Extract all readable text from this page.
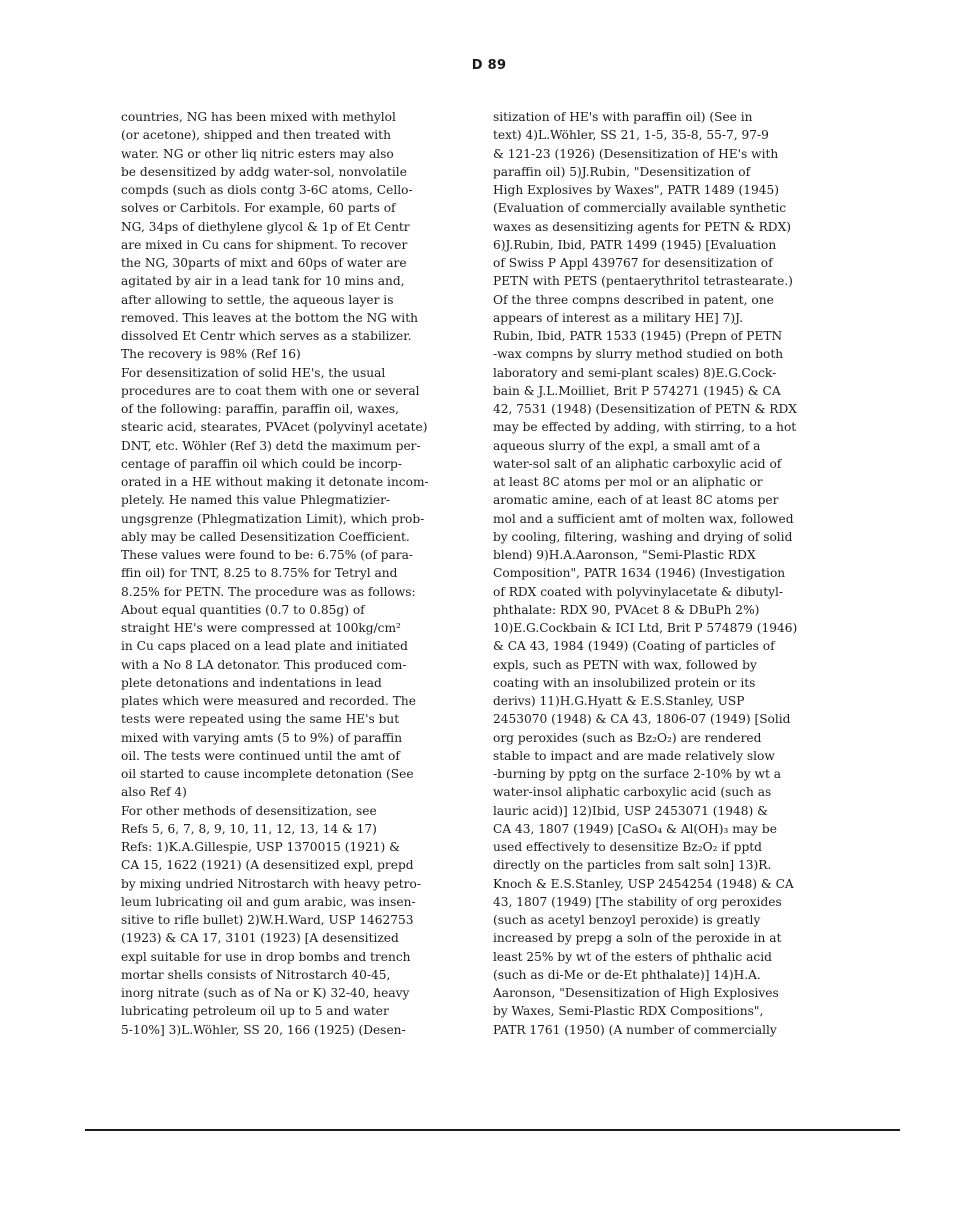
D 89
countries, NG has been mixed with methylol
(or acetone), shipped and then treated with
water. NG or other liq nitric esters may also
be desensitized by addg water-sol, nonvolatile
compds (such as diols contg 3-6C atoms, Cello-
solves or Carbitols. For example, 60 parts of
NG, 34ps of diethylene glycol & 1p of Et Centr
are mixed in Cu cans for shipment. To recover
the NG, 30parts of mixt and 60ps of water are
agitated by air in a lead tank for 10 mins and,
after allowing to settle, the aqueous layer is
removed. This leaves at the bottom the NG with
dissolved Et Centr which serves as a stabilizer.
The recovery is 98% (Ref 16)
For desensitization of solid HE's, the usual
procedures are to coat them with one or several
of the following: paraffin, paraffin oil, waxes,
stearic acid, stearates, PVAcet (polyvinyl acetate)
DNT, etc. Wöhler (Ref 3) detd the maximum per-
centage of paraffin oil which could be incorp-
orated in a HE without making it detonate incom-
pletely. He named this value Phlegmatizier-
ungsgrenze (Phlegmatization Limit), which prob-
ably may be called Desensitization Coefficient.
These values were found to be: 6.75% (of para-
ffin oil) for TNT, 8.25 to 8.75% for Tetryl and
8.25% for PETN. The procedure was as follows:
About equal quantities (0.7 to 0.85g) of
straight HE's were compressed at 100kg/cm²
in Cu caps placed on a lead plate and initiated
with a No 8 LA detonator. This produced com-
plete detonations and indentations in lead
plates which were measured and recorded. The
tests were repeated using the same HE's but
mixed with varying amts (5 to 9%) of paraffin
oil. The tests were continued until the amt of
oil started to cause incomplete detonation (See
also Ref 4)
For other methods of desensitization, see
Refs 5, 6, 7, 8, 9, 10, 11, 12, 13, 14 & 17)
Refs: 1)K.A.Gillespie, USP 1370015 (1921) &
CA 15, 1622 (1921) (A desensitized expl, prepd
by mixing undried Nitrostarch with heavy petro-
leum lubricating oil and gum arabic, was insen-
sitive to rifle bullet) 2)W.H.Ward, USP 1462753
(1923) & CA 17, 3101 (1923) [A desensitized
expl suitable for use in drop bombs and trench
mortar shells consists of Nitrostarch 40-45,
inorg nitrate (such as of Na or K) 32-40, heavy
lubricating petroleum oil up to 5 and water
5-10%] 3)L.Wöhler, SS 20, 166 (1925) (Desen-
sitization of HE's with paraffin oil) (See in
text) 4)L.Wöhler, SS 21, 1-5, 35-8, 55-7, 97-9
& 121-23 (1926) (Desensitization of HE's with
paraffin oil) 5)J.Rubin, "Desensitization of
High Explosives by Waxes", PATR 1489 (1945)
(Evaluation of commercially available synthetic
waxes as desensitizing agents for PETN & RDX)
6)J.Rubin, Ibid, PATR 1499 (1945) [Evaluation
of Swiss P Appl 439767 for desensitization of
PETN with PETS (pentaerythritol tetrastearate.)
Of the three compns described in patent, one
appears of interest as a military HE] 7)J.
Rubin, Ibid, PATR 1533 (1945) (Prepn of PETN
-wax compns by slurry method studied on both
laboratory and semi-plant scales) 8)E.G.Cock-
bain & J.L.Moilliet, Brit P 574271 (1945) & CA
42, 7531 (1948) (Desensitization of PETN & RDX
may be effected by adding, with stirring, to a hot
aqueous slurry of the expl, a small amt of a
water-sol salt of an aliphatic carboxylic acid of
at least 8C atoms per mol or an aliphatic or
aromatic amine, each of at least 8C atoms per
mol and a sufficient amt of molten wax, followed
by cooling, filtering, washing and drying of solid
blend) 9)H.A.Aaronson, "Semi-Plastic RDX
Composition", PATR 1634 (1946) (Investigation
of RDX coated with polyvinylacetate & dibutyl-
phthalate: RDX 90, PVAcet 8 & DBuPh 2%)
10)E.G.Cockbain & ICI Ltd, Brit P 574879 (1946)
& CA 43, 1984 (1949) (Coating of particles of
expls, such as PETN with wax, followed by
coating with an insolubilized protein or its
derivs) 11)H.G.Hyatt & E.S.Stanley, USP
2453070 (1948) & CA 43, 1806-07 (1949) [Solid
org peroxides (such as Bz₂O₂) are rendered
stable to impact and are made relatively slow
-burning by pptg on the surface 2-10% by wt a
water-insol aliphatic carboxylic acid (such as
lauric acid)] 12)Ibid, USP 2453071 (1948) &
CA 43, 1807 (1949) [CaSO₄ & Al(OH)₃ may be
used effectively to desensitize Bz₂O₂ if pptd
directly on the particles from salt soln] 13)R.
Knoch & E.S.Stanley, USP 2454254 (1948) & CA
43, 1807 (1949) [The stability of org peroxides
(such as acetyl benzoyl peroxide) is greatly
increased by prepg a soln of the peroxide in at
least 25% by wt of the esters of phthalic acid
(such as di-Me or de-Et phthalate)] 14)H.A.
Aaronson, "Desensitization of High Explosives
by Waxes, Semi-Plastic RDX Compositions",
PATR 1761 (1950) (A number of commercially
